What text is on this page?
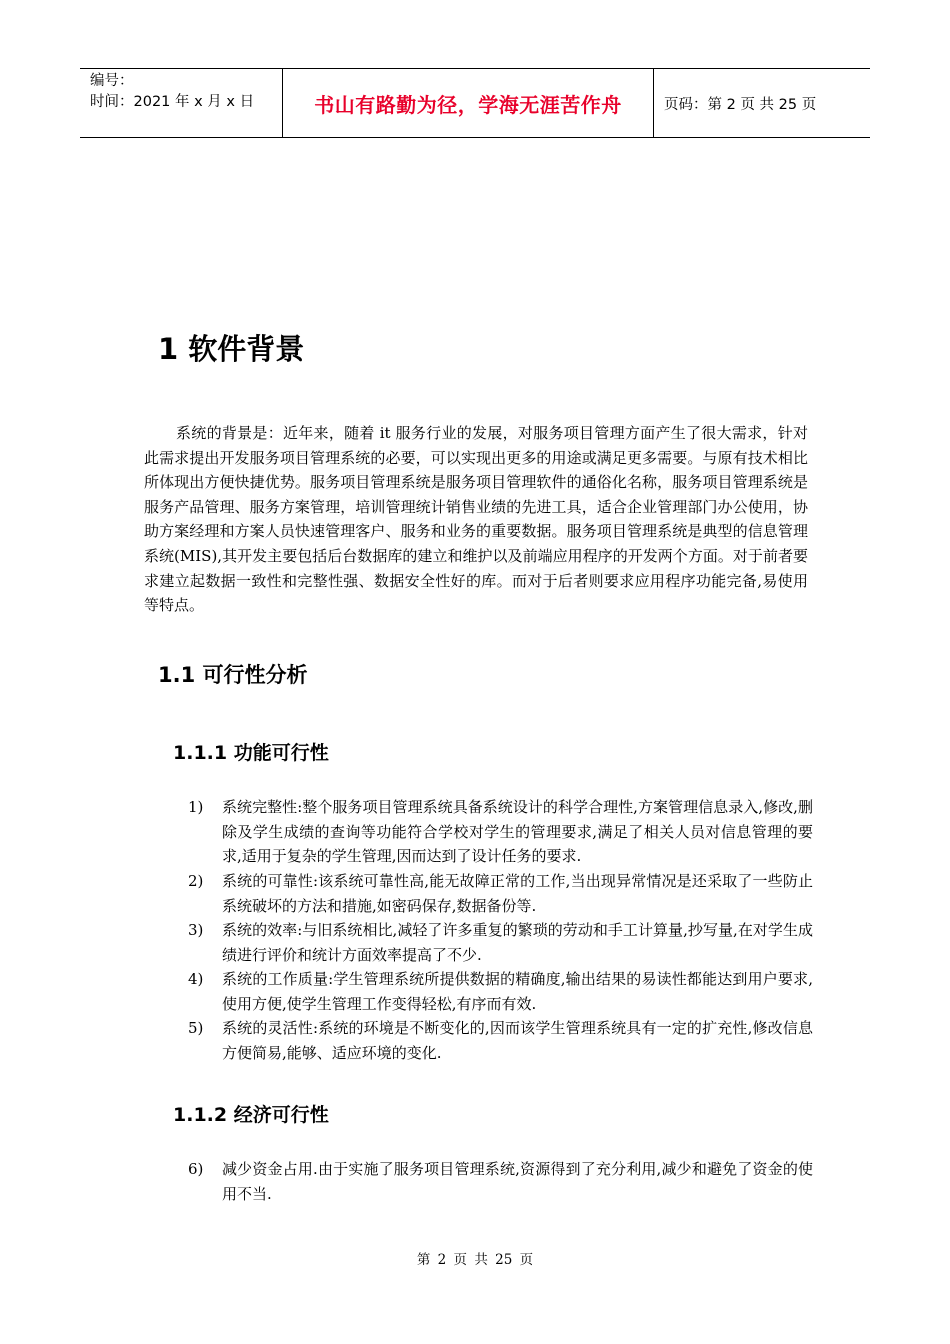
编号：
时间：2021 年 x 月 x 日	书山有路勤为径，学海无涯苦作舟	页码：第 2 页 共 25 页
1 软件背景

系统的背景是：近年来，随着 it 服务行业的发展，对服务项目管理方面产生了很大需求，针对此需求提出开发服务项目管理系统的必要，可以实现出更多的用途或满足更多需要。与原有技术相比所体现出方便快捷优势。服务项目管理系统是服务项目管理软件的通俗化名称，服务项目管理系统是服务产品管理、服务方案管理，培训管理统计销售业绩的先进工具，适合企业管理部门办公使用，协助方案经理和方案人员快速管理客户、服务和业务的重要数据。服务项目管理系统是典型的信息管理系统(MIS),其开发主要包括后台数据库的建立和维护以及前端应用程序的开发两个方面。对于前者要求建立起数据一致性和完整性强、数据安全性好的库。而对于后者则要求应用程序功能完备,易使用等特点。

1.1 可行性分析
1.1.1 功能可行性
1)	系统完整性:整个服务项目管理系统具备系统设计的科学合理性,方案管理信息录入,修改,删除及学生成绩的查询等功能符合学校对学生的管理要求,满足了相关人员对信息管理的要求,适用于复杂的学生管理,因而达到了设计任务的要求.
2)	系统的可靠性:该系统可靠性高,能无故障正常的工作,当出现异常情况是还采取了一些防止系统破坏的方法和措施,如密码保存,数据备份等.
3)	系统的效率:与旧系统相比,减轻了许多重复的繁琐的劳动和手工计算量,抄写量,在对学生成绩进行评价和统计方面效率提高了不少.
4)	系统的工作质量:学生管理系统所提供数据的精确度,输出结果的易读性都能达到用户要求,使用方便,使学生管理工作变得轻松,有序而有效.
5)	系统的灵活性:系统的环境是不断变化的,因而该学生管理系统具有一定的扩充性,修改信息方便简易,能够、适应环境的变化.
1.1.2 经济可行性
6)	减少资金占用.由于实施了服务项目管理系统,资源得到了充分利用,减少和避免了资金的使用不当.
第 2 页 共 25 页
